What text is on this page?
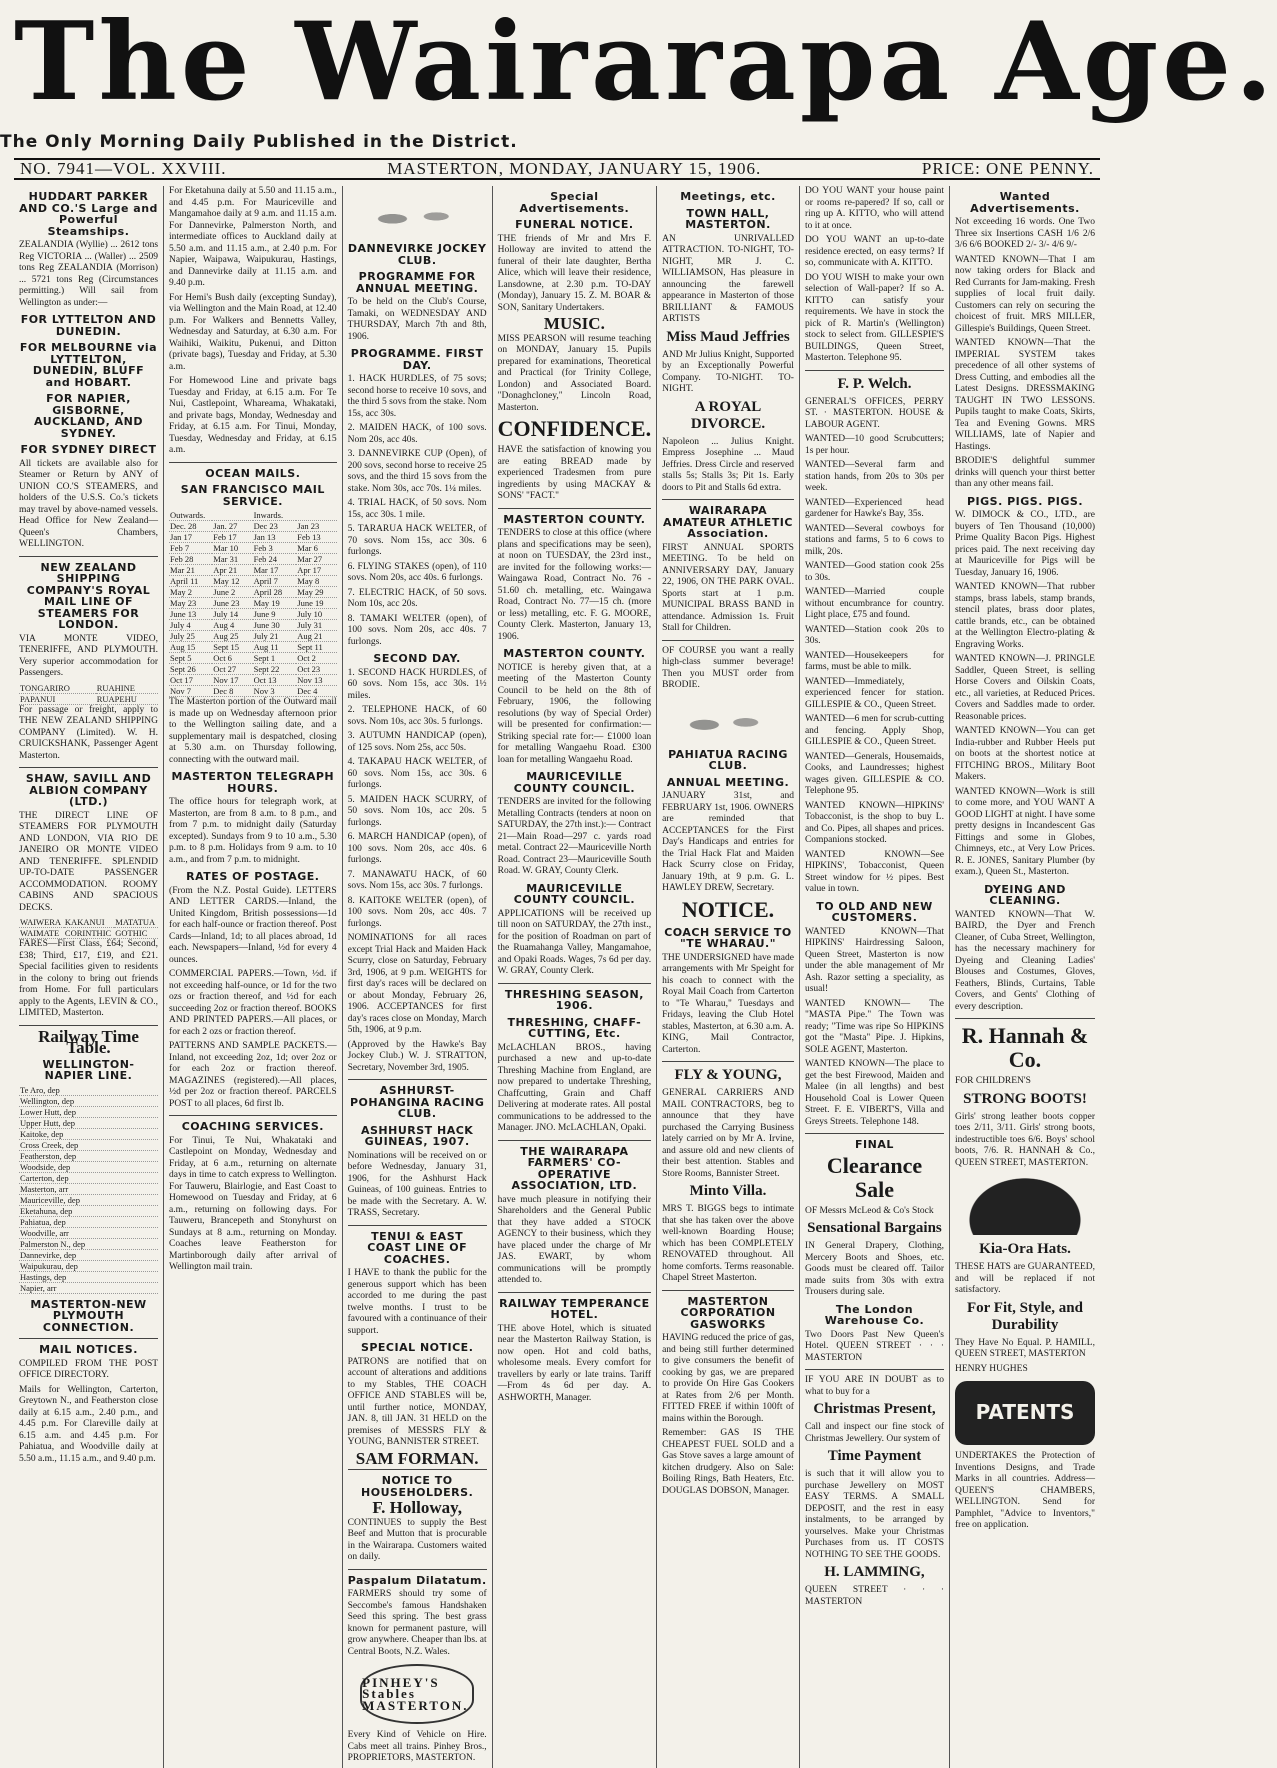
The Wairarapa Age.
The Only Morning Daily Published in the District.
NO. 7941—VOL. XXVIII.	MASTERTON, MONDAY, JANUARY 15, 1906.	PRICE: ONE PENNY.
HUDDART PARKER AND CO.'S Large and Powerful Steamships.

ZEALANDIA (Wyllie) ... 2612 tons Reg VICTORIA ... (Waller) ... 2509 tons Reg ZEALANDIA (Morrison) ... 5721 tons Reg (Circumstances permitting.) Will sail from Wellington as under:—

FOR LYTTELTON AND DUNEDIN.
FOR MELBOURNE via LYTTELTON, DUNEDIN, BLUFF and HOBART.
FOR NAPIER, GISBORNE, AUCKLAND, AND SYDNEY.
FOR SYDNEY DIRECT

All tickets are available also for Steamer or Return by ANY of UNION CO.'S STEAMERS, and holders of the U.S.S. Co.'s tickets may travel by above-named vessels. Head Office for New Zealand—Queen's Chambers, WELLINGTON.

NEW ZEALAND SHIPPING COMPANY'S ROYAL MAIL LINE OF STEAMERS FOR LONDON.

VIA MONTE VIDEO, TENERIFFE, AND PLYMOUTH. Very superior accommodation for Passengers.

TONGARIRO	RUAHINE
PAPANUI	RUAPEHU

For passage or freight, apply to THE NEW ZEALAND SHIPPING COMPANY (Limited). W. H. CRUICKSHANK, Passenger Agent Masterton.

SHAW, SAVILL AND ALBION COMPANY (LTD.)

THE DIRECT LINE OF STEAMERS FOR PLYMOUTH AND LONDON, VIA RIO DE JANEIRO OR MONTE VIDEO AND TENERIFFE. SPLENDID UP-TO-DATE PASSENGER ACCOMMODATION. ROOMY CABINS AND SPACIOUS DECKS.

WAIWERA	KAKANUI	MATATUA
WAIMATE	CORINTHIC	GOTHIC

FARES—First Class, £64; Second, £38; Third, £17, £19, and £21. Special facilities given to residents in the colony to bring out friends from Home. For full particulars apply to the Agents, LEVIN & CO., LIMITED, Masterton.

Railway Time Table.
WELLINGTON-NAPIER LINE.
Te Aro, dep
Wellington, dep
Lower Hutt, dep
Upper Hutt, dep
Kaitoke, dep
Cross Creek, dep
Featherston, dep
Woodside, dep
Carterton, dep
Masterton, arr
Mauriceville, dep
Eketahuna, dep
Pahiatua, dep
Woodville, arr
Palmerston N., dep
Dannevirke, dep
Waipukurau, dep
Hastings, dep
Napier, arr
MASTERTON-NEW PLYMOUTH CONNECTION.
MAIL NOTICES.

COMPILED FROM THE POST OFFICE DIRECTORY.

Mails for Wellington, Carterton, Greytown N., and Featherston close daily at 6.15 a.m., 2.40 p.m., and 4.45 p.m. For Clareville daily at 6.15 a.m. and 4.45 p.m. For Pahiatua, and Woodville daily at 5.50 a.m., 11.15 a.m., and 9.40 p.m.

For Eketahuna daily at 5.50 and 11.15 a.m., and 4.45 p.m. For Mauriceville and Mangamahoe daily at 9 a.m. and 11.15 a.m. For Dannevirke, Palmerston North, and intermediate offices to Auckland daily at 5.50 a.m. and 11.15 a.m., at 2.40 p.m. For Napier, Waipawa, Waipukurau, Hastings, and Dannevirke daily at 11.15 a.m. and 9.40 p.m.

For Hemi's Bush daily (excepting Sunday), via Wellington and the Main Road, at 12.40 p.m. For Walkers and Bennetts Valley, Wednesday and Saturday, at 6.30 a.m. For Waihiki, Waikitu, Pukenui, and Ditton (private bags), Tuesday and Friday, at 5.30 a.m.

For Homewood Line and private bags Tuesday and Friday, at 6.15 a.m. For Te Nui, Castlepoint, Whareama, Whakataki, and private bags, Monday, Wednesday and Friday, at 6.15 a.m. For Tinui, Monday, Tuesday, Wednesday and Friday, at 6.15 a.m.

OCEAN MAILS.
SAN FRANCISCO MAIL SERVICE.
Outwards.		Inwards.	
Dec. 28	Jan. 27	Dec 23	Jan 23
Jan 17	Feb 17	Jan 13	Feb 13
Feb 7	Mar 10	Feb 3	Mar 6
Feb 28	Mar 31	Feb 24	Mar 27
Mar 21	Apr 21	Mar 17	Apr 17
April 11	May 12	April 7	May 8
May 2	June 2	April 28	May 29
May 23	June 23	May 19	June 19
June 13	July 14	June 9	July 10
July 4	Aug 4	June 30	July 31
July 25	Aug 25	July 21	Aug 21
Aug 15	Sept 15	Aug 11	Sept 11
Sept 5	Oct 6	Sept 1	Oct 2
Sept 26	Oct 27	Sept 22	Oct 23
Oct 17	Nov 17	Oct 13	Nov 13
Nov 7	Dec 8	Nov 3	Dec 4

The Masterton portion of the Outward mail is made up on Wednesday afternoon prior to the Wellington sailing date, and a supplementary mail is despatched, closing at 5.30 a.m. on Thursday following, connecting with the outward mail.

MASTERTON TELEGRAPH HOURS.

The office hours for telegraph work, at Masterton, are from 8 a.m. to 8 p.m., and from 7 p.m. to midnight daily (Saturday excepted). Sundays from 9 to 10 a.m., 5.30 p.m. to 8 p.m. Holidays from 9 a.m. to 10 a.m., and from 7 p.m. to midnight.

RATES OF POSTAGE.

(From the N.Z. Postal Guide). LETTERS AND LETTER CARDS.—Inland, the United Kingdom, British possessions—1d for each half-ounce or fraction thereof. Post Cards—Inland, 1d; to all places abroad, 1d each. Newspapers—Inland, ½d for every 4 ounces.

COMMERCIAL PAPERS.—Town, ½d. if not exceeding half-ounce, or 1d for the two ozs or fraction thereof, and ½d for each succeeding 2oz or fraction thereof. BOOKS AND PRINTED PAPERS.—All places, or for each 2 ozs or fraction thereof.

PATTERNS AND SAMPLE PACKETS.—Inland, not exceeding 2oz, 1d; over 2oz or for each 2oz or fraction thereof. MAGAZINES (registered).—All places, ½d per 2oz or fraction thereof. PARCELS POST to all places, 6d first lb.

COACHING SERVICES.

For Tinui, Te Nui, Whakataki and Castlepoint on Monday, Wednesday and Friday, at 6 a.m., returning on alternate days in time to catch express to Wellington. For Tauweru, Blairlogie, and East Coast to Homewood on Tuesday and Friday, at 6 a.m., returning on following days. For Tauweru, Brancepeth and Stonyhurst on Sundays at 8 a.m., returning on Monday. Coaches leave Featherston for Martinborough daily after arrival of Wellington mail train.

DANNEVIRKE JOCKEY CLUB.
PROGRAMME FOR ANNUAL MEETING.

To be held on the Club's Course, Tamaki, on WEDNESDAY AND THURSDAY, March 7th and 8th, 1906.

PROGRAMME. FIRST DAY.

1. HACK HURDLES, of 75 sovs; second horse to receive 10 sovs, and the third 5 sovs from the stake. Nom 15s, acc 30s.

2. MAIDEN HACK, of 100 sovs. Nom 20s, acc 40s.

3. DANNEVIRKE CUP (Open), of 200 sovs, second horse to receive 25 sovs, and the third 15 sovs from the stake. Nom 30s, acc 70s. 1¼ miles.

4. TRIAL HACK, of 50 sovs. Nom 15s, acc 30s. 1 mile.

5. TARARUA HACK WELTER, of 70 sovs. Nom 15s, acc 30s. 6 furlongs.

6. FLYING STAKES (open), of 110 sovs. Nom 20s, acc 40s. 6 furlongs.

7. ELECTRIC HACK, of 50 sovs. Nom 10s, acc 20s.

8. TAMAKI WELTER (open), of 100 sovs. Nom 20s, acc 40s. 7 furlongs.

SECOND DAY.

1. SECOND HACK HURDLES, of 60 sovs. Nom 15s, acc 30s. 1½ miles.

2. TELEPHONE HACK, of 60 sovs. Nom 10s, acc 30s. 5 furlongs.

3. AUTUMN HANDICAP (open), of 125 sovs. Nom 25s, acc 50s.

4. TAKAPAU HACK WELTER, of 60 sovs. Nom 15s, acc 30s. 6 furlongs.

5. MAIDEN HACK SCURRY, of 50 sovs. Nom 10s, acc 20s. 5 furlongs.

6. MARCH HANDICAP (open), of 100 sovs. Nom 20s, acc 40s. 6 furlongs.

7. MANAWATU HACK, of 60 sovs. Nom 15s, acc 30s. 7 furlongs.

8. KAITOKE WELTER (open), of 100 sovs. Nom 20s, acc 40s. 7 furlongs.

NOMINATIONS for all races except Trial Hack and Maiden Hack Scurry, close on Saturday, February 3rd, 1906, at 9 p.m. WEIGHTS for first day's races will be declared on or about Monday, February 26, 1906. ACCEPTANCES for first day's races close on Monday, March 5th, 1906, at 9 p.m.

(Approved by the Hawke's Bay Jockey Club.) W. J. STRATTON, Secretary, November 3rd, 1905.

ASHHURST-POHANGINA RACING CLUB.
ASHHURST HACK GUINEAS, 1907.

Nominations will be received on or before Wednesday, January 31, 1906, for the Ashhurst Hack Guineas, of 100 guineas. Entries to be made with the Secretary. A. W. TRASS, Secretary.

TENUI & EAST COAST LINE OF COACHES.

I HAVE to thank the public for the generous support which has been accorded to me during the past twelve months. I trust to be favoured with a continuance of their support.

SPECIAL NOTICE.

PATRONS are notified that on account of alterations and additions to my Stables, THE COACH OFFICE AND STABLES will be, until further notice, MONDAY, JAN. 8, till JAN. 31 HELD on the premises of MESSRS FLY & YOUNG, BANNISTER STREET.

SAM FORMAN.
NOTICE TO HOUSEHOLDERS.
F. Holloway,

CONTINUES to supply the Best Beef and Mutton that is procurable in the Wairarapa. Customers waited on daily.

Paspalum Dilatatum.

FARMERS should try some of Seccombe's famous Handshaken Seed this spring. The best grass known for permanent pasture, will grow anywhere. Cheaper than lbs. at Central Boots, N.Z. Wales.

PINHEY'S Stables MASTERTON.

Every Kind of Vehicle on Hire. Cabs meet all trains. Pinhey Bros., PROPRIETORS, MASTERTON.

Special Advertisements.
FUNERAL NOTICE.

THE friends of Mr and Mrs F. Holloway are invited to attend the funeral of their late daughter, Bertha Alice, which will leave their residence, Lansdowne, at 2.30 p.m. TO-DAY (Monday), January 15. Z. M. BOAR & SON, Sanitary Undertakers.

MUSIC.

MISS PEARSON will resume teaching on MONDAY, January 15. Pupils prepared for examinations, Theoretical and Practical (for Trinity College, London) and Associated Board. "Donaghcloney," Lincoln Road, Masterton.

CONFIDENCE.

HAVE the satisfaction of knowing you are eating BREAD made by experienced Tradesmen from pure ingredients by using MACKAY & SONS' "FACT."

MASTERTON COUNTY.

TENDERS to close at this office (where plans and specifications may be seen), at noon on TUESDAY, the 23rd inst., are invited for the following works:— Waingawa Road, Contract No. 76 - 51.60 ch. metalling, etc. Waingawa Road, Contract No. 77—15 ch. (more or less) metalling, etc. F. G. MOORE, County Clerk. Masterton, January 13, 1906.

MASTERTON COUNTY.

NOTICE is hereby given that, at a meeting of the Masterton County Council to be held on the 8th of February, 1906, the following resolutions (by way of Special Order) will be presented for confirmation:— Striking special rate for:— £1000 loan for metalling Wangaehu Road. £300 loan for metalling Wangaehu Road.

MAURICEVILLE COUNTY COUNCIL.

TENDERS are invited for the following Metalling Contracts (tenders at noon on SATURDAY, the 27th inst.):— Contract 21—Main Road—297 c. yards road metal. Contract 22—Mauriceville North Road. Contract 23—Mauriceville South Road. W. GRAY, County Clerk.

MAURICEVILLE COUNTY COUNCIL.

APPLICATIONS will be received up till noon on SATURDAY, the 27th inst., for the position of Roadman on part of the Ruamahanga Valley, Mangamahoe, and Opaki Roads. Wages, 7s 6d per day. W. GRAY, County Clerk.

THRESHING SEASON, 1906.
THRESHING, CHAFF-CUTTING, Etc.

McLACHLAN BROS., having purchased a new and up-to-date Threshing Machine from England, are now prepared to undertake Threshing, Chaffcutting, Grain and Chaff Delivering at moderate rates. All postal communications to be addressed to the Manager. JNO. McLACHLAN, Opaki.

THE WAIRARAPA FARMERS' CO-OPERATIVE ASSOCIATION, LTD.

have much pleasure in notifying their Shareholders and the General Public that they have added a STOCK AGENCY to their business, which they have placed under the charge of Mr JAS. EWART, by whom communications will be promptly attended to.

RAILWAY TEMPERANCE HOTEL.

THE above Hotel, which is situated near the Masterton Railway Station, is now open. Hot and cold baths, wholesome meals. Every comfort for travellers by early or late trains. Tariff—From 4s 6d per day. A. ASHWORTH, Manager.

Meetings, etc.
TOWN HALL, MASTERTON.

AN UNRIVALLED ATTRACTION. TO-NIGHT, TO-NIGHT, MR J. C. WILLIAMSON, Has pleasure in announcing the farewell appearance in Masterton of those BRILLIANT & FAMOUS ARTISTS

Miss Maud Jeffries

AND Mr Julius Knight, Supported by an Exceptionally Powerful Company. TO-NIGHT. TO-NIGHT.

A ROYAL DIVORCE.

Napoleon ... Julius Knight. Empress Josephine ... Maud Jeffries. Dress Circle and reserved stalls 5s; Stalls 3s; Pit 1s. Early doors to Pit and Stalls 6d extra.

WAIRARAPA AMATEUR ATHLETIC Association.

FIRST ANNUAL SPORTS MEETING. To be held on ANNIVERSARY DAY, January 22, 1906, ON THE PARK OVAL. Sports start at 1 p.m. MUNICIPAL BRASS BAND in attendance. Admission 1s. Fruit Stall for Children.

OF COURSE you want a really high-class summer beverage! Then you MUST order from BRODIE.

PAHIATUA RACING CLUB.
ANNUAL MEETING.

JANUARY 31st, and FEBRUARY 1st, 1906. OWNERS are reminded that ACCEPTANCES for the First Day's Handicaps and entries for the Trial Hack Flat and Maiden Hack Scurry close on Friday, January 19th, at 9 p.m. G. L. HAWLEY DREW, Secretary.

NOTICE.
COACH SERVICE TO "TE WHARAU."

THE UNDERSIGNED have made arrangements with Mr Speight for his coach to connect with the Royal Mail Coach from Carterton to "Te Wharau," Tuesdays and Fridays, leaving the Club Hotel stables, Masterton, at 6.30 a.m. A. KING, Mail Contractor, Carterton.

FLY & YOUNG,

GENERAL CARRIERS AND MAIL CONTRACTORS, beg to announce that they have purchased the Carrying Business lately carried on by Mr A. Irvine, and assure old and new clients of their best attention. Stables and Store Rooms, Bannister Street.

Minto Villa.

MRS T. BIGGS begs to intimate that she has taken over the above well-known Boarding House; which has been COMPLETELY RENOVATED throughout. All home comforts. Terms reasonable. Chapel Street Masterton.

MASTERTON CORPORATION GASWORKS

HAVING reduced the price of gas, and being still further determined to give consumers the benefit of cooking by gas, we are prepared to provide On Hire Gas Cookers at Rates from 2/6 per Month. FITTED FREE if within 100ft of mains within the Borough.

Remember: GAS IS THE CHEAPEST FUEL SOLD and a Gas Stove saves a large amount of kitchen drudgery. Also on Sale: Boiling Rings, Bath Heaters, Etc. DOUGLAS DOBSON, Manager.

DO YOU WANT your house paint or rooms re-papered? If so, call or ring up A. KITTO, who will attend to it at once.

DO YOU WANT an up-to-date residence erected, on easy terms? If so, communicate with A. KITTO.

DO YOU WISH to make your own selection of Wall-paper? If so A. KITTO can satisfy your requirements. We have in stock the pick of R. Martin's (Wellington) stock to select from. GILLESPIE'S BUILDINGS, Queen Street, Masterton. Telephone 95.

F. P. Welch.

GENERAL'S OFFICES, PERRY ST. · MASTERTON. HOUSE & LABOUR AGENT.

WANTED—10 good Scrubcutters; 1s per hour.

WANTED—Several farm and station hands, from 20s to 30s per week.

WANTED—Experienced head gardener for Hawke's Bay, 35s.

WANTED—Several cowboys for stations and farms, 5 to 6 cows to milk, 20s.

WANTED—Good station cook 25s to 30s.

WANTED—Married couple without encumbrance for country. Light place, £75 and found.

WANTED—Station cook 20s to 30s.

WANTED—Housekeepers for farms, must be able to milk.

WANTED—Immediately, experienced fencer for station. GILLESPIE & CO., Queen Street.

WANTED—6 men for scrub-cutting and fencing. Apply Shop, GILLESPIE & CO., Queen Street.

WANTED—Generals, Housemaids, Cooks, and Laundresses; highest wages given. GILLESPIE & CO. Telephone 95.

WANTED KNOWN—HIPKINS' Tobacconist, is the shop to buy L. and Co. Pipes, all shapes and prices. Companions stocked.

WANTED KNOWN—See HIPKINS', Tobacconist, Queen Street window for ½ pipes. Best value in town.

TO OLD AND NEW CUSTOMERS.

WANTED KNOWN—That HIPKINS' Hairdressing Saloon, Queen Street, Masterton is now under the able management of Mr Ash. Razor setting a speciality, as usual!

WANTED KNOWN— The "MASTA Pipe." The Town was ready; "Time was ripe So HIPKINS got the "Masta" Pipe. J. Hipkins, SOLE AGENT, Masterton.

WANTED KNOWN—The place to get the best Firewood, Maiden and Malee (in all lengths) and best Household Coal is Lower Queen Street. F. E. VIBERT'S, Villa and Greys Streets. Telephone 148.

FINAL
Clearance Sale

OF Messrs McLeod & Co's Stock

Sensational Bargains

IN General Drapery, Clothing, Mercery Boots and Shoes, etc. Goods must be cleared off. Tailor made suits from 30s with extra Trousers during sale.

The London Warehouse Co.

Two Doors Past New Queen's Hotel. QUEEN STREET · · · MASTERTON

IF YOU ARE IN DOUBT as to what to buy for a

Christmas Present,

Call and inspect our fine stock of Christmas Jewellery. Our system of

Time Payment

is such that it will allow you to purchase Jewellery on MOST EASY TERMS. A SMALL DEPOSIT, and the rest in easy instalments, to be arranged by yourselves. Make your Christmas Purchases from us. IT COSTS NOTHING TO SEE THE GOODS.

H. LAMMING,

QUEEN STREET · · · MASTERTON

Wanted Advertisements.

Not exceeding 16 words. One Two Three six Insertions CASH 1/6 2/6 3/6 6/6 BOOKED 2/- 3/- 4/6 9/-

WANTED KNOWN—That I am now taking orders for Black and Red Currants for Jam-making. Fresh supplies of local fruit daily. Customers can rely on securing the choicest of fruit. MRS MILLER, Gillespie's Buildings, Queen Street.

WANTED KNOWN—That the IMPERIAL SYSTEM takes precedence of all other systems of Dress Cutting, and embodies all the Latest Designs. DRESSMAKING TAUGHT IN TWO LESSONS. Pupils taught to make Coats, Skirts, Tea and Evening Gowns. MRS WILLIAMS, late of Napier and Hastings.

BRODIE'S delightful summer drinks will quench your thirst better than any other means fail.

PIGS. PIGS. PIGS.

W. DIMOCK & CO., LTD., are buyers of Ten Thousand (10,000) Prime Quality Bacon Pigs. Highest prices paid. The next receiving day at Mauriceville for Pigs will be Tuesday, January 16, 1906.

WANTED KNOWN—That rubber stamps, brass labels, stamp brands, stencil plates, brass door plates, cattle brands, etc., can be obtained at the Wellington Electro-plating & Engraving Works.

WANTED KNOWN—J. PRINGLE Saddler, Queen Street, is selling Horse Covers and Oilskin Coats, etc., all varieties, at Reduced Prices. Covers and Saddles made to order. Reasonable prices.

WANTED KNOWN—You can get India-rubber and Rubber Heels put on boots at the shortest notice at FITCHING BROS., Military Boot Makers.

WANTED KNOWN—Work is still to come more, and YOU WANT A GOOD LIGHT at night. I have some pretty designs in Incandescent Gas Fittings and some in Globes, Chimneys, etc., at Very Low Prices. R. E. JONES, Sanitary Plumber (by exam.), Queen St., Masterton.

DYEING AND CLEANING.

WANTED KNOWN—That W. BAIRD, the Dyer and French Cleaner, of Cuba Street, Wellington, has the necessary machinery for Dyeing and Cleaning Ladies' Blouses and Costumes, Gloves, Feathers, Blinds, Curtains, Table Covers, and Gents' Clothing of every description.

R. Hannah & Co.

FOR CHILDREN'S

STRONG BOOTS!

Girls' strong leather boots copper toes 2/11, 3/11. Girls' strong boots, indestructible toes 6/6. Boys' school boots, 7/6. R. HANNAH & Co., QUEEN STREET, MASTERTON.

Kia-Ora Hats.

THESE HATS are GUARANTEED, and will be replaced if not satisfactory.

For Fit, Style, and Durability

They Have No Equal. P. HAMILL, QUEEN STREET, MASTERTON

HENRY HUGHES

PATENTS

UNDERTAKES the Protection of Inventions Designs, and Trade Marks in all countries. Address—QUEEN'S CHAMBERS, WELLINGTON. Send for Pamphlet, "Advice to Inventors," free on application.
